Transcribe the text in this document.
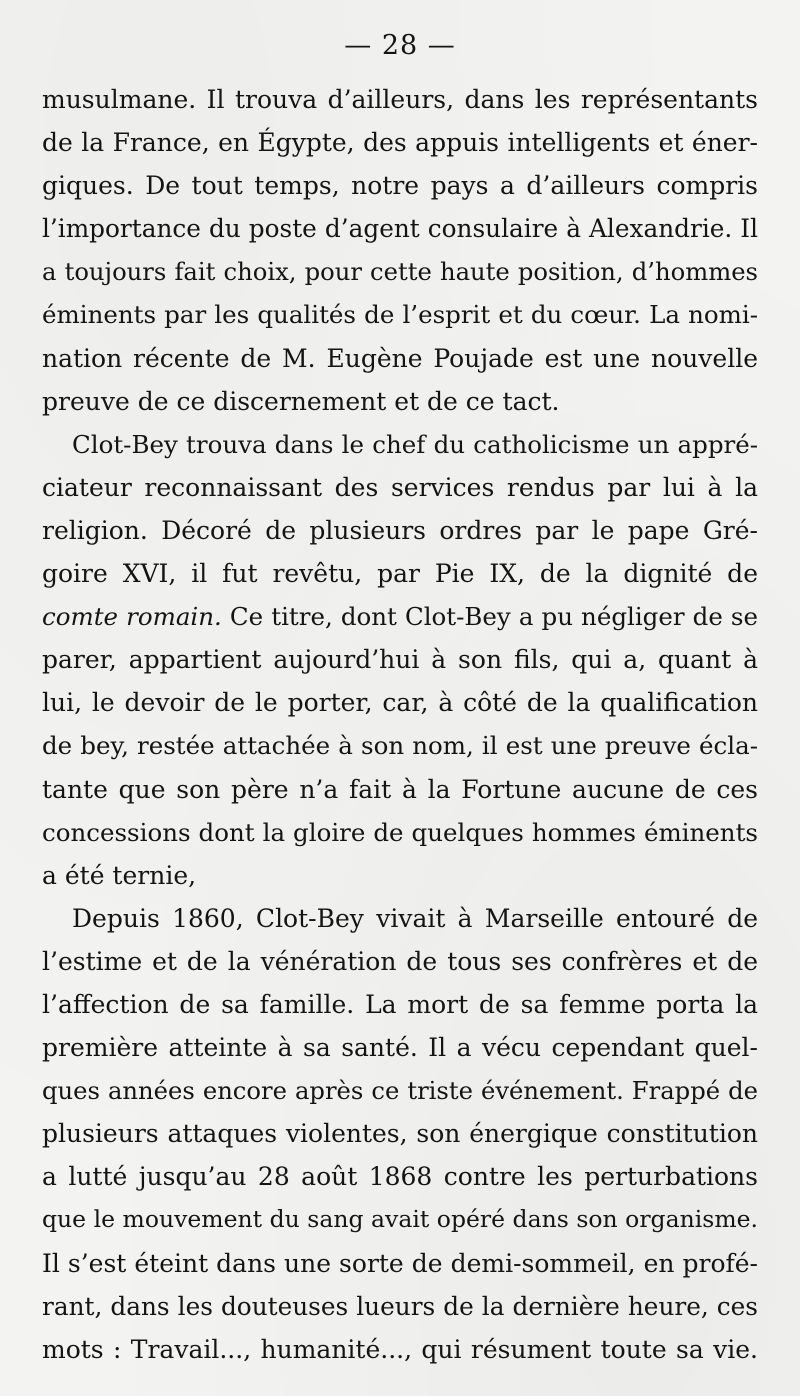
— 28 —
musulmane. Il trouva d’ailleurs, dans les représentants
de la France, en Égypte, des appuis intelligents et éner-
giques. De tout temps, notre pays a d’ailleurs compris
l’importance du poste d’agent consulaire à Alexandrie. Il
a toujours fait choix, pour cette haute position, d’hommes
éminents par les qualités de l’esprit et du cœur. La nomi-
nation récente de M. Eugène Poujade est une nouvelle
preuve de ce discernement et de ce tact.
Clot-Bey trouva dans le chef du catholicisme un appré-
ciateur reconnaissant des services rendus par lui à la
religion. Décoré de plusieurs ordres par le pape Gré-
goire XVI, il fut revêtu, par Pie IX, de la dignité de
comte romain. Ce titre, dont Clot-Bey a pu négliger de se
parer, appartient aujourd’hui à son fils, qui a, quant à
lui, le devoir de le porter, car, à côté de la qualification
de bey, restée attachée à son nom, il est une preuve écla-
tante que son père n’a fait à la Fortune aucune de ces
concessions dont la gloire de quelques hommes éminents
a été ternie,
Depuis 1860, Clot-Bey vivait à Marseille entouré de
l’estime et de la vénération de tous ses confrères et de
l’affection de sa famille. La mort de sa femme porta la
première atteinte à sa santé. Il a vécu cependant quel-
ques années encore après ce triste événement. Frappé de
plusieurs attaques violentes, son énergique constitution
a lutté jusqu’au 28 août 1868 contre les perturbations
que le mouvement du sang avait opéré dans son organisme.
Il s’est éteint dans une sorte de demi-sommeil, en profé-
rant, dans les douteuses lueurs de la dernière heure, ces
mots : Travail..., humanité..., qui résument toute sa vie.
